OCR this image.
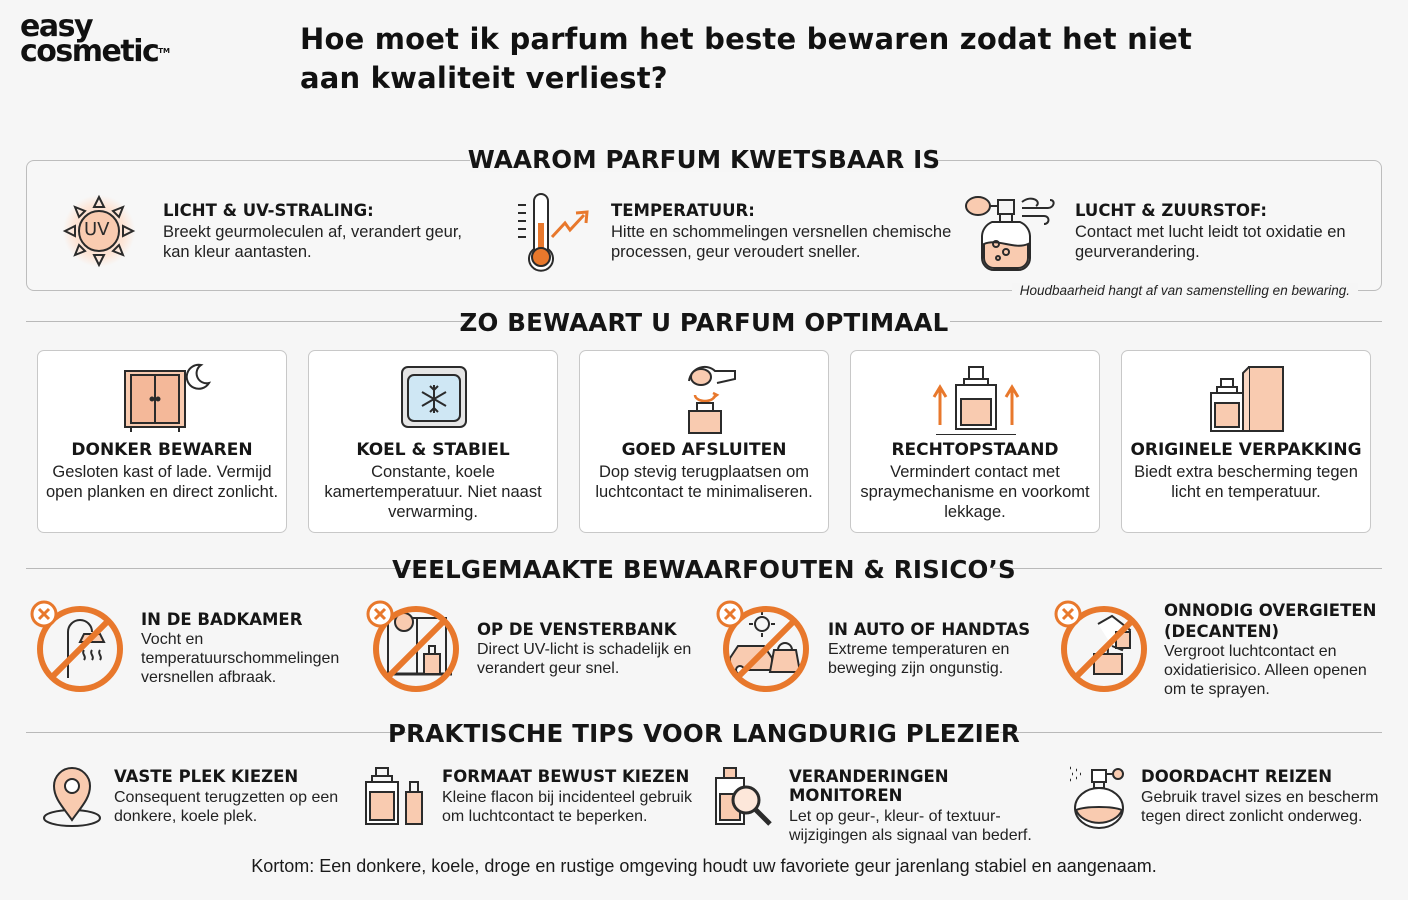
easy
cosmetic™	Hoe moet ik parfum het beste bewaren zodat het niet aan kwaliteit verliest?
WAAROM PARFUM KWETSBAAR IS
UV
LICHT & UV-STRALING:
Breekt geurmoleculen af, verandert geur, kan kleur aantasten.
TEMPERATUUR:
Hitte en schommelingen versnellen chemische processen, geur veroudert sneller.
LUCHT & ZUURSTOF:
Contact met lucht leidt tot oxidatie en geurverandering.
Houdbaarheid hangt af van samenstelling en bewaring.
ZO BEWAART U PARFUM OPTIMAAL
DONKER BEWAREN
Gesloten kast of lade. Vermijd open planken en direct zonlicht.
KOEL & STABIEL
Constante, koele kamertemperatuur. Niet naast verwarming.
GOED AFSLUITEN
Dop stevig terugplaatsen om luchtcontact te minimaliseren.
RECHTOPSTAAND
Vermindert contact met spraymechanisme en voorkomt lekkage.
ORIGINELE VERPAKKING
Biedt extra bescherming tegen licht en temperatuur.
VEELGEMAAKTE BEWAARFOUTEN & RISICO’S
IN DE BADKAMER
Vocht en temperatuurschommelingen versnellen afbraak.
OP DE VENSTERBANK
Direct UV-licht is schadelijk en verandert geur snel.
IN AUTO OF HANDTAS
Extreme temperaturen en beweging zijn ongunstig.
ONNODIG OVERGIETEN (DECANTEN)
Vergroot luchtcontact en oxidatierisico. Alleen openen om te sprayen.
PRAKTISCHE TIPS VOOR LANGDURIG PLEZIER
VASTE PLEK KIEZEN
Consequent terugzetten op een donkere, koele plek.
FORMAAT BEWUST KIEZEN
Kleine flacon bij incidenteel gebruik om luchtcontact te beperken.
VERANDERINGEN MONITOREN
Let op geur-, kleur- of textuur-wijzigingen als signaal van bederf.
DOORDACHT REIZEN
Gebruik travel sizes en bescherm tegen direct zonlicht onderweg.
Kortom: Een donkere, koele, droge en rustige omgeving houdt uw favoriete geur jarenlang stabiel en aangenaam.
